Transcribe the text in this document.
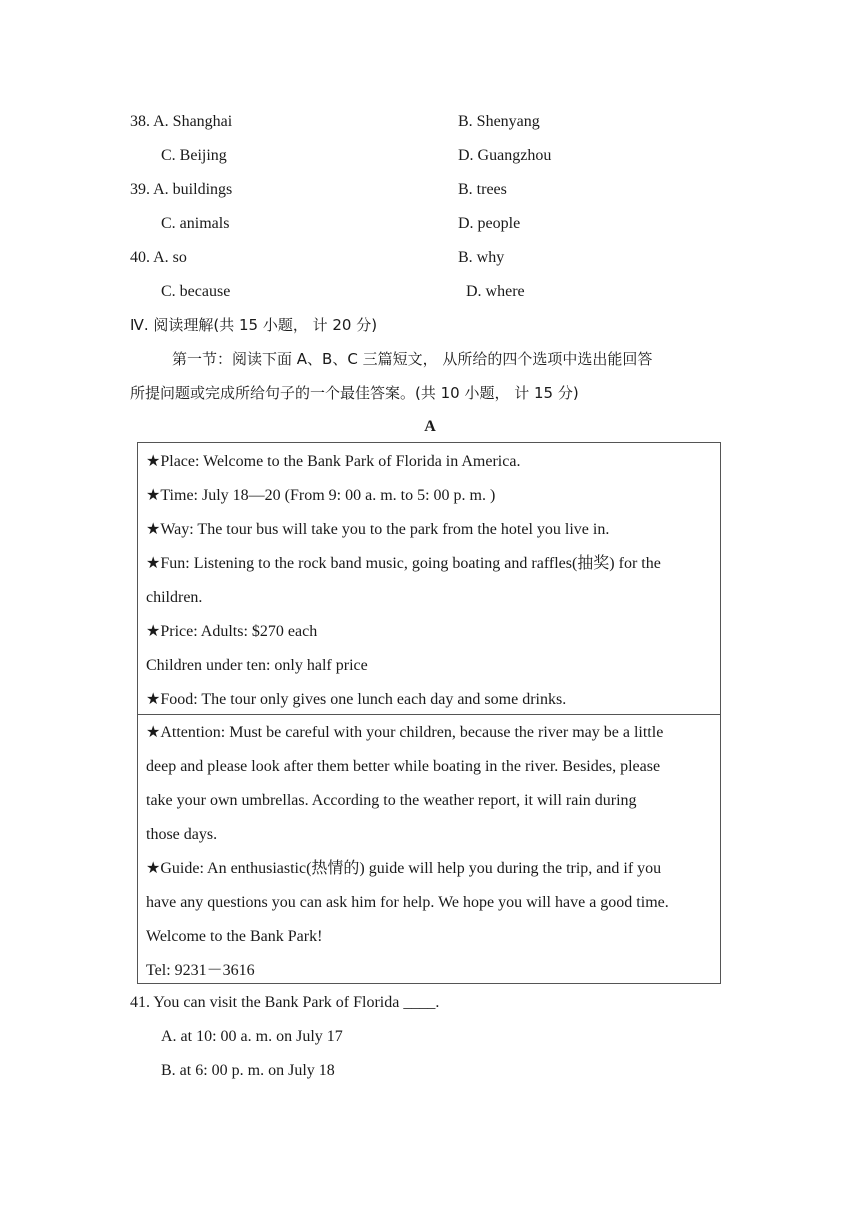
38. A. Shanghai	B. Shenyang
C. Beijing	D. Guangzhou
39. A. buildings	B. trees
C. animals	D. people
40. A. so	B. why
C. because	D. where
Ⅳ. 阅读理解(共 15 小题， 计 20 分)
第一节：阅读下面 A、B、C 三篇短文， 从所给的四个选项中选出能回答
所提问题或完成所给句子的一个最佳答案。(共 10 小题， 计 15 分)
A
★Place: Welcome to the Bank Park of Florida in America.
★Time: July 18—20 (From 9: 00 a. m. to 5: 00 p. m. )
★Way: The tour bus will take you to the park from the hotel you live in.
★Fun: Listening to the rock band music, going boating and raffles(抽奖) for the
children.
★Price: Adults: $270 each
Children under ten: only half price
★Food: The tour only gives one lunch each day and some drinks.
★Attention: Must be careful with your children, because the river may be a little
deep and please look after them better while boating in the river. Besides, please
take your own umbrellas. According to the weather report, it will rain during
those days.
★Guide: An enthusiastic(热情的) guide will help you during the trip, and if you
have any questions you can ask him for help. We hope you will have a good time.
Welcome to the Bank Park!
Tel: 9231－3616
41. You can visit the Bank Park of Florida ____.
A. at 10: 00 a. m. on July 17
B. at 6: 00 p. m. on July 18
